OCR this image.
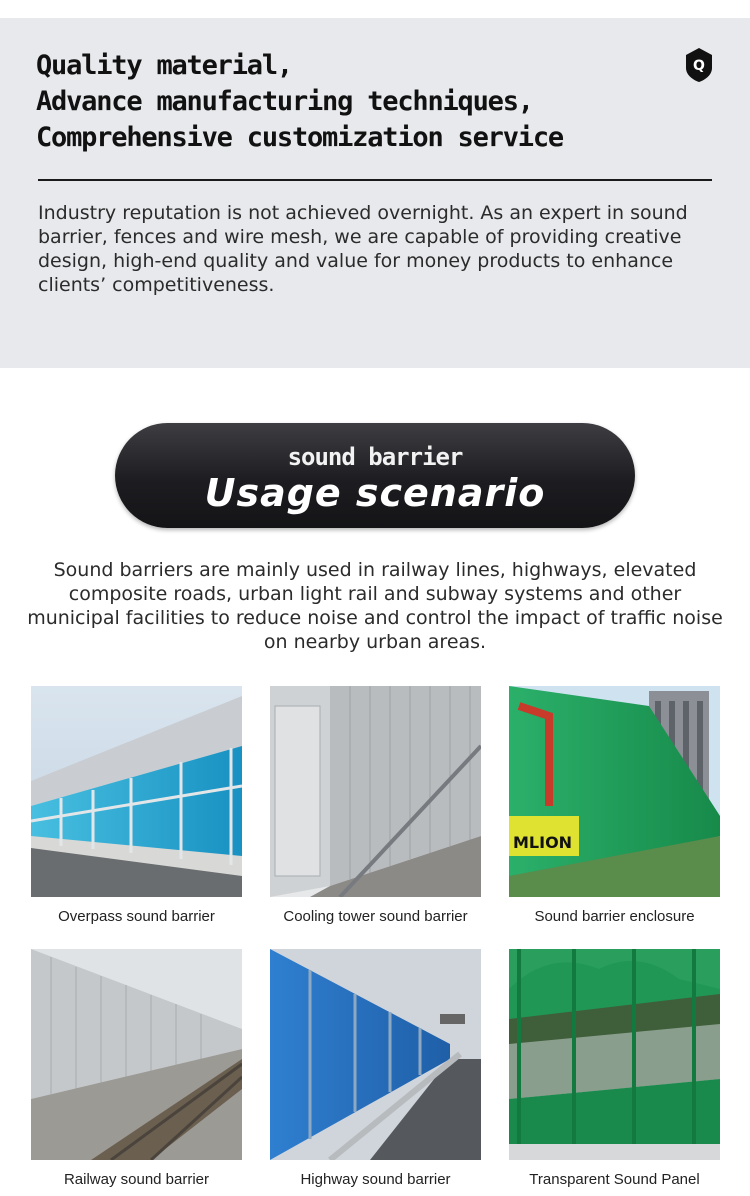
Quality material,
Advance manufacturing techniques,
Comprehensive customization service
Q

Industry reputation is not achieved overnight. As an expert in sound barrier, fences and wire mesh, we are capable of providing creative design, high-end quality and value for money products to enhance clients’ competitiveness.

sound barrier
Usage scenario

Sound barriers are mainly used in railway lines, highways, elevated composite roads, urban light rail and subway systems and other municipal facilities to reduce noise and control the impact of traffic noise on nearby urban areas.

Overpass sound barrier	Cooling tower sound barrier
MLION
Sound barrier enclosure
Railway sound barrier	Highway sound barrier	Transparent Sound Panel
